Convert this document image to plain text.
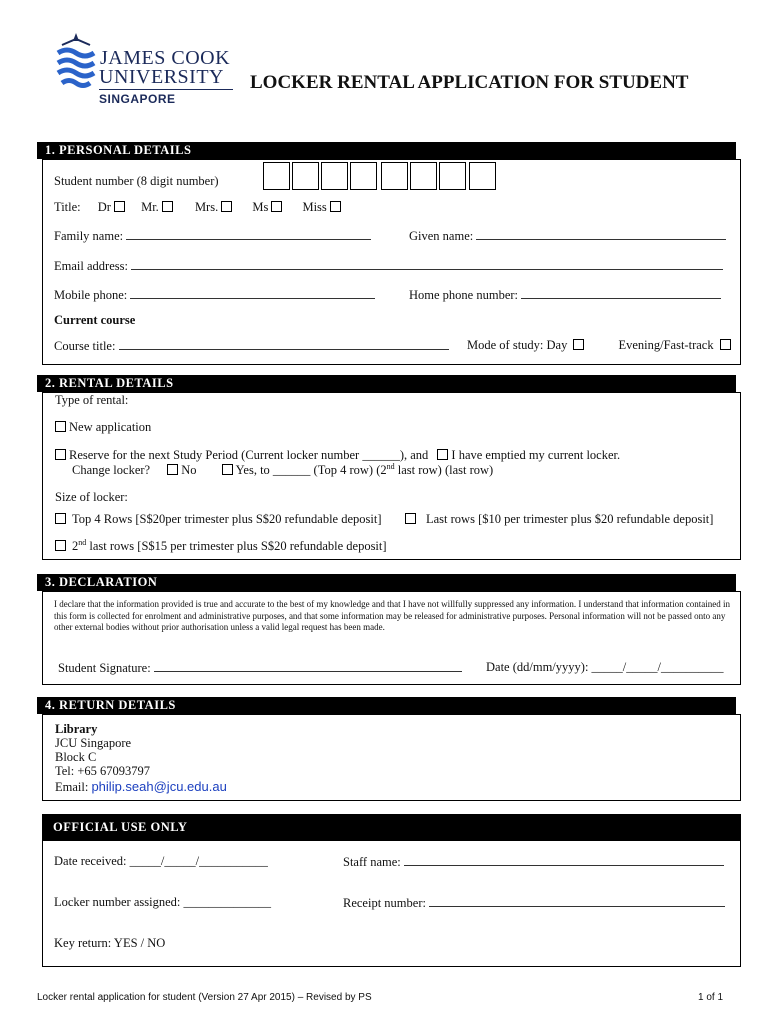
JAMES COOK
UNIVERSITY
SINGAPORE
LOCKER RENTAL APPLICATION FOR STUDENT
1. PERSONAL DETAILS
Student number (8 digit number)
Title: Dr Mr.	Mrs.	Ms	Miss
Family name:	Given name:
Email address:
Mobile phone:	Home phone number:
Current course
Course title:	Mode of study: Day	Evening/Fast-track
2. RENTAL DETAILS
Type of rental:
New application
Reserve for the next Study Period (Current locker number ______), and I have emptied my current locker.
Change locker? No	Yes, to ______ (Top 4 row) (2nd last row) (last row)
Size of locker:
Top 4 Rows [S$20per trimester plus S$20 refundable deposit]	Last rows [$10 per trimester plus $20 refundable deposit]
2nd last rows [S$15 per trimester plus S$20 refundable deposit]
3. DECLARATION
I declare that the information provided is true and accurate to the best of my knowledge and that I have not willfully suppressed any information. I understand that information contained in this form is collected for enrolment and administrative purposes, and that some information may be released for administrative purposes. Personal information will not be passed onto any other external bodies without prior authorisation unless a valid legal request has been made.
Student Signature:	Date (dd/mm/yyyy): _____/_____/__________
4. RETURN DETAILS
Library
JCU Singapore
Block C
Tel: +65 67093797
Email: philip.seah@jcu.edu.au
OFFICIAL USE ONLY
Date received: _____/_____/___________	Staff name:
Locker number assigned: ______________	Receipt number:
Key return: YES / NO
Locker rental application for student (Version 27 Apr 2015) – Revised by PS	1 of 1
